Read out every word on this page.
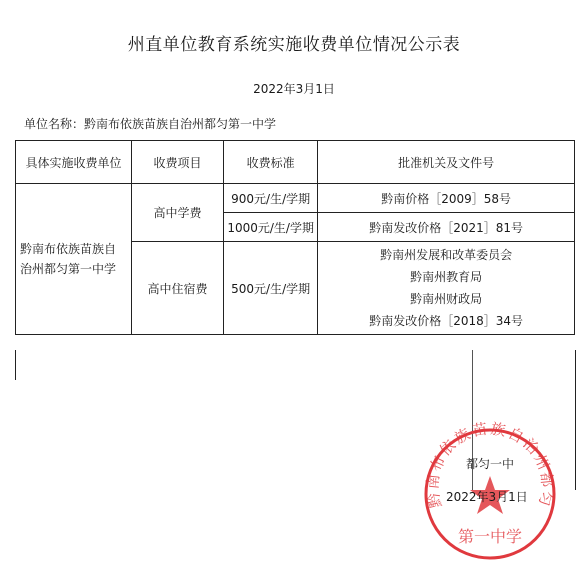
州直单位教育系统实施收费单位情况公示表
2022年3月1日
单位名称：黔南布依族苗族自治州都匀第一中学
具体实施收费单位	收费项目	收费标准	批准机关及文件号
黔南布依族苗族自治州都匀第一中学	高中学费	900元/生/学期	黔南价格［2009］58号
		1000元/生/学期	黔南发改价格［2021］81号
	高中住宿费	500元/生/学期	黔南州发展和改革委员会
黔南州教育局
黔南州财政局
黔南发改价格［2018］34号
黔南布依族苗族自治州都匀
第一中学
都匀一中
2022年3月1日
